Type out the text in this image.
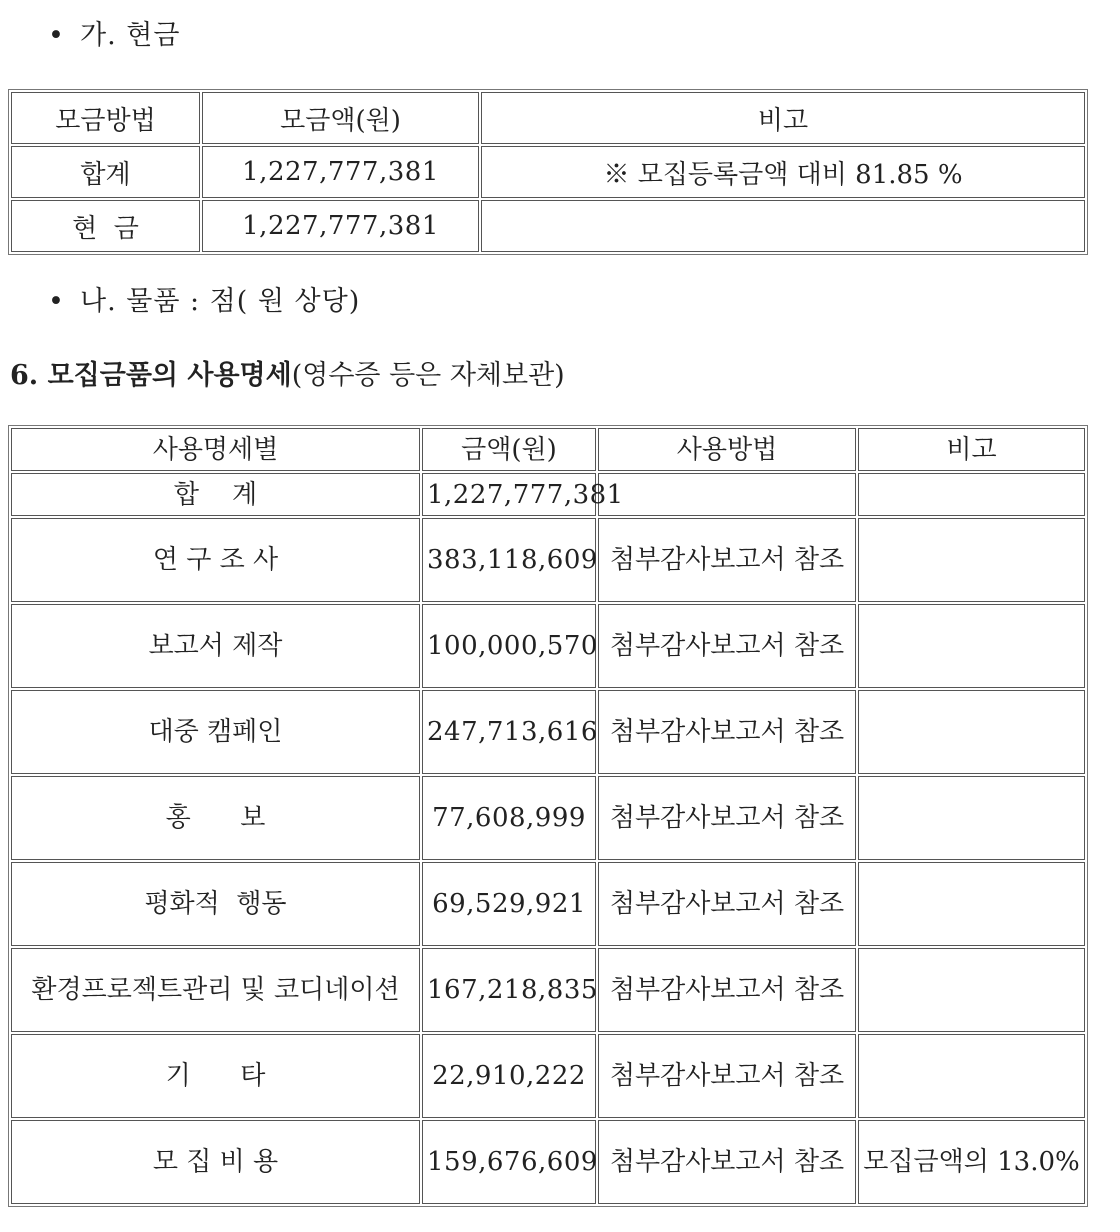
• 가. 현금

모금방법	모금액(원)	비고
합계	1,227,777,381	※ 모집등록금액 대비 81.85 %
현  금	1,227,777,381	

• 나. 물품 : 점( 원 상당)

6. 모집금품의 사용명세(영수증 등은 자체보관)
사용명세별	금액(원)	사용방법	비고
합    계	1,227,777,381		
연 구 조 사	383,118,609	첨부감사보고서 참조	
보고서 제작	100,000,570	첨부감사보고서 참조	
대중 캠페인	247,713,616	첨부감사보고서 참조	
홍      보	77,608,999	첨부감사보고서 참조	
평화적  행동	69,529,921	첨부감사보고서 참조	
환경프로젝트관리 및 코디네이션	167,218,835	첨부감사보고서 참조	
기      타	22,910,222	첨부감사보고서 참조	
모 집 비 용	159,676,609	첨부감사보고서 참조	모집금액의 13.0%
